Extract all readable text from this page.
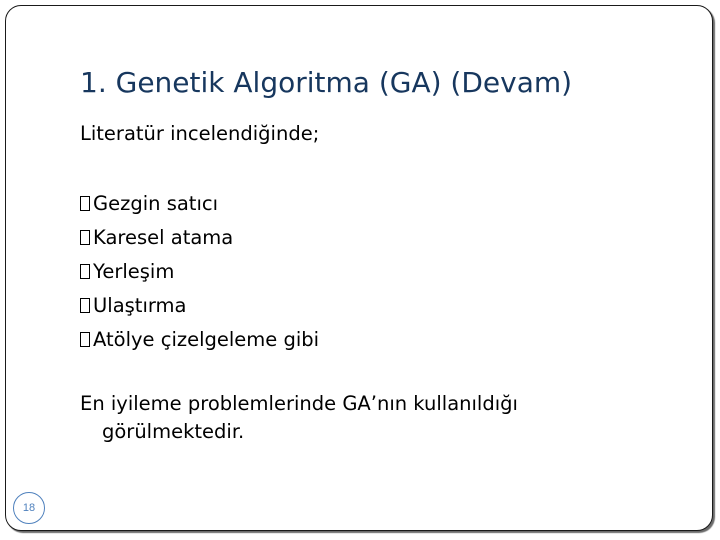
1. Genetik Algoritma (GA) (Devam)
Literatür incelendiğinde;
Gezgin satıcı
Karesel atama
Yerleşim
Ulaştırma
Atölye çizelgeleme gibi
En iyileme problemlerinde GA’nın kullanıldığı görülmektedir.
18
